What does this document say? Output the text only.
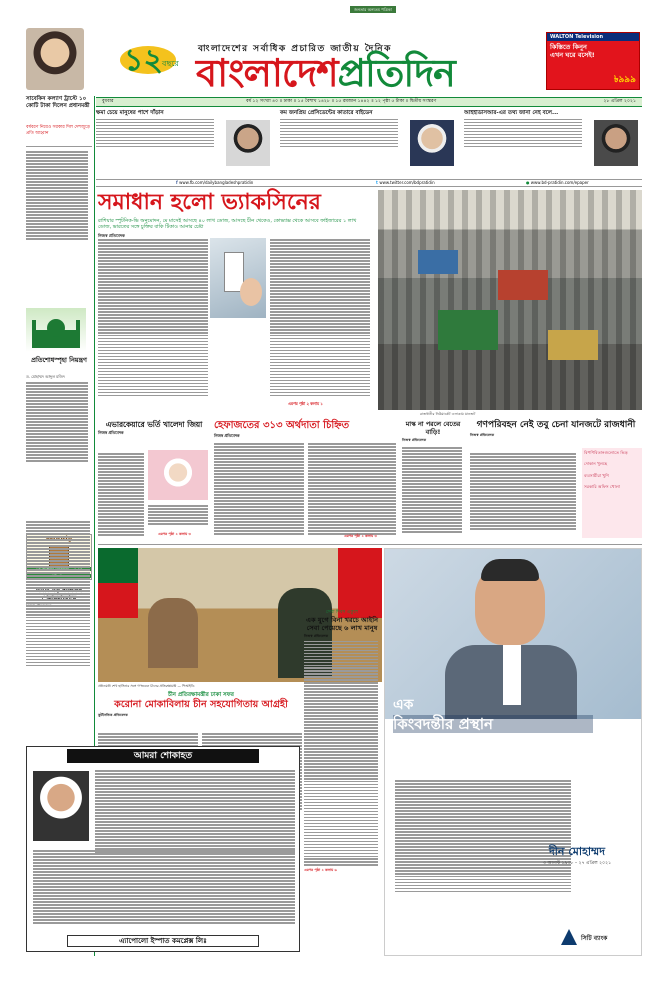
জনতার অন্যতম পত্রিকা
১২ বছরে
বাংলাদেশের সর্বাধিক প্রচারিত জাতীয় দৈনিক
বাংলাদেশপ্রতিদিন
WALTON Television
কিস্তিতে কিনুন
এখন ঘরে বসেই!
৳৯৯৯
বুধবার	বর্ষ ১২ সংখ্যা ৪০ ॥ ঢাকা ॥ ১৫ বৈশাখ ১৪২৮ ॥ ১৫ রমজান ১৪৪২ ॥ ১২ পৃষ্ঠা ৫ টাকা ॥ দ্বিতীয় সংস্করণ	২৮ এপ্রিল ২০২১
ক্ষমা চেয়ে মানুষের পাশে দাঁড়ান	কম জনপ্রিয় প্রেসিডেন্টের কাতারে বাইডেন	আইইডিসিআর-এর তথ্য জানা নেই বলে...
f www.fb.com/dailybangladeshpratidin	t www.twitter.com/bdpratidin	● www.bd-pratidin.com/epaper
সাবেকিন কল্যাণ ট্রাস্টে ১০ কোটি টাকা দিলেন প্রধানমন্ত্রী
বর্ষবরণ নিয়েও সরকার দিল দেশজুড়ে প্রতি আহ্বান
প্রতিশোধস্পৃহা নিয়ন্ত্রণ
ড. মোহাম্মদ আব্দুল মজিদ
সমাধান হলো ভ্যাকসিনের
রাশিয়ার স্পুটনিক-ভি অনুমোদন, মে মাসেই আসছে ৪০ লাখ ডোজ, আসছে চীন থেকেও, কোভ্যাক্স থেকে আসবে ফাইজারের ১ লাখ ডোজ, ভারতের সঙ্গে চুক্তির বাকি টিকাও আনার চেষ্টা
নিজস্ব প্রতিবেদক
এরপর পৃষ্ঠা ২ কলাম ১
রাজধানীর নিউমার্কেট এলাকায় যানজট
এভারকেয়ারে ভর্তি খালেদা জিয়া
নিজস্ব প্রতিবেদক
এরপর পৃষ্ঠা ২ কলাম ৩
হেফাজতের ৩১৩ অর্থদাতা চিহ্নিত
নিজস্ব প্রতিবেদক
এরপর পৃষ্ঠা ২ কলাম ৩
মাস্ক না পরলে বেতের বাড়ি!
নিজস্ব প্রতিবেদক
গণপরিবহন নেই তবু চেনা যানজটে রাজধানী
নিজস্ব প্রতিবেদক
বিপণিবিতানগুলোতে ভিড়
দোকান খুলছে
ব্যবসায়ীরা খুশি
সরকারি অফিস খোলা
প্রধানমন্ত্রী শেখ হাসিনার সঙ্গে গণভবনে চীনের প্রতিরক্ষামন্ত্রী — পিআইডি
চীন প্রতিরক্ষামন্ত্রীর ঢাকা সফর
করোনা মোকাবিলায় চীন সহযোগিতায় আগ্রহী
কূটনৈতিক প্রতিবেদক
সেবা দিবস একুশে
এক যুগে বিনা খরচে আইনি সেবা পেয়েছে ৬ লাখ মানুষ
নিজস্ব প্রতিবেদক
এরপর পৃষ্ঠা ২ কলাম ৬
এক
কিংবদন্তীর প্রস্থান
দীন মোহাম্মদ
৩ আগস্ট ১৯৩৮ – ২৭ এপ্রিল ২০২১
সিটি ব্যাংক
আমরা শোকাহত
এ্যাপোলো ইস্পাত কমপ্লেক্স লিঃ
